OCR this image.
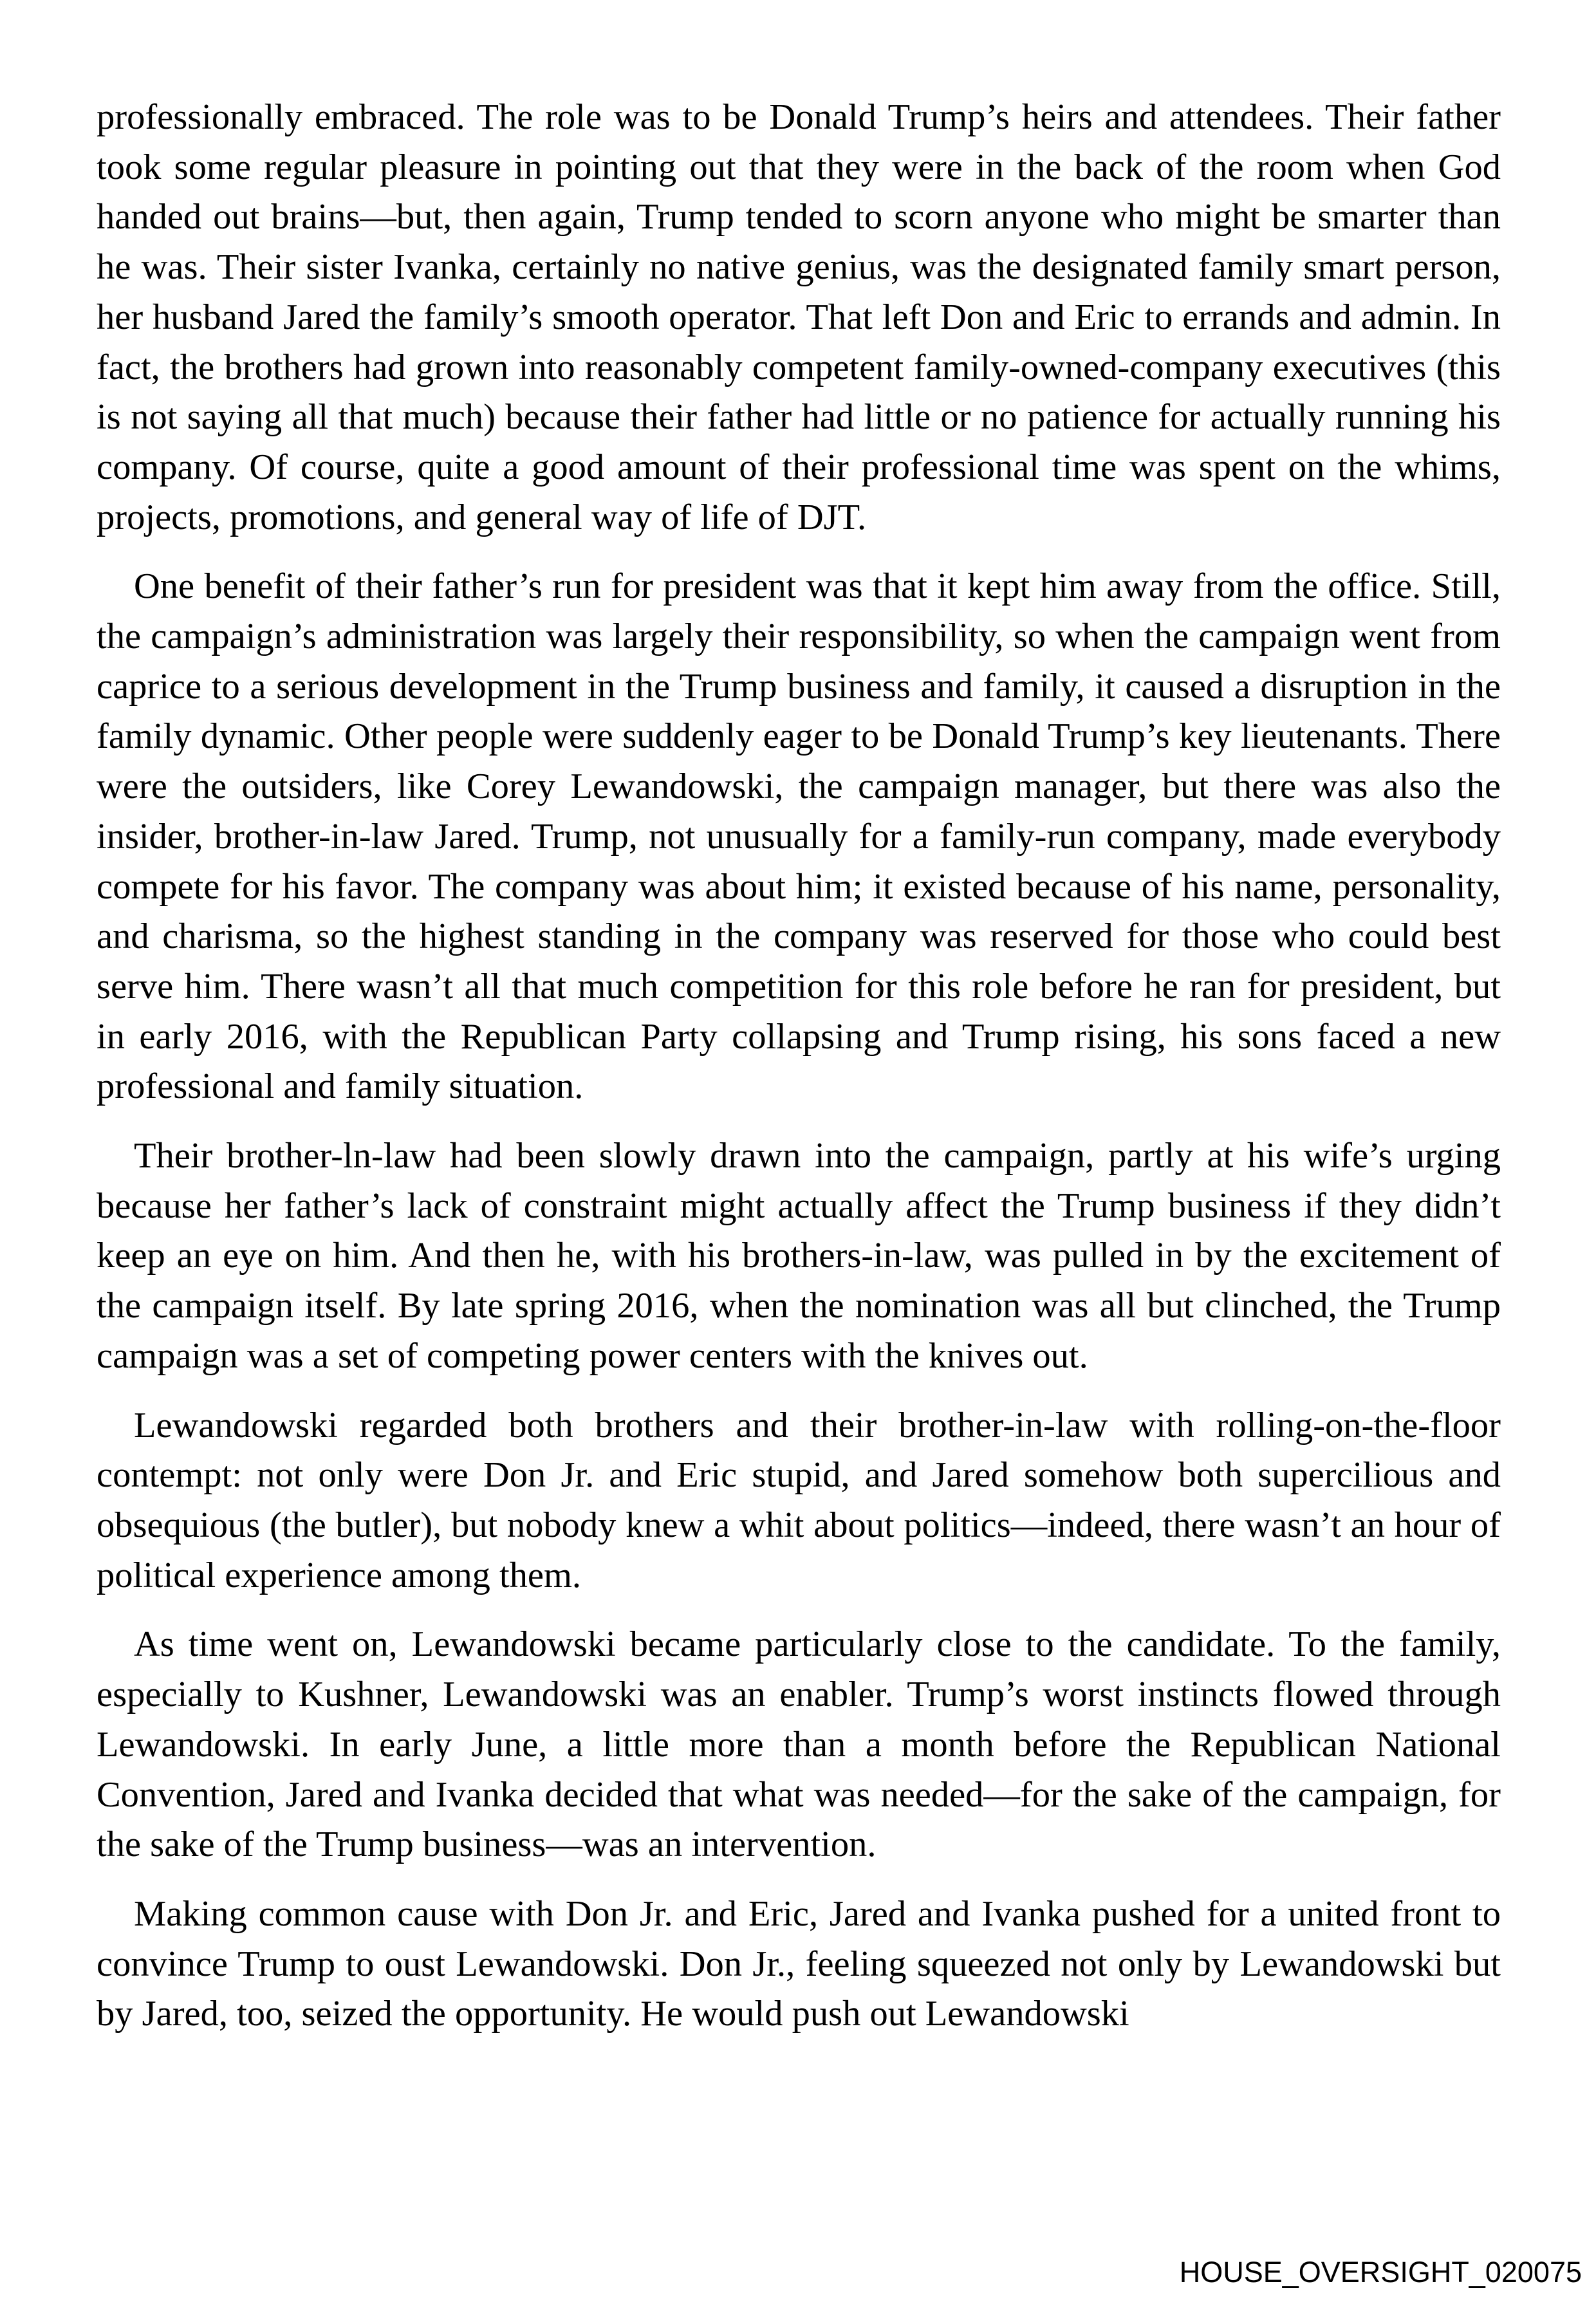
professionally embraced. The role was to be Donald Trump’s heirs and attendees. Their father took some regular pleasure in pointing out that they were in the back of the room when God handed out brains—but, then again, Trump tended to scorn anyone who might be smarter than he was. Their sister Ivanka, certainly no native genius, was the designated family smart person, her husband Jared the family’s smooth operator. That left Don and Eric to errands and admin. In fact, the brothers had grown into reasonably competent family-owned-company executives (this is not saying all that much) because their father had little or no patience for actually running his company. Of course, quite a good amount of their professional time was spent on the whims, projects, promotions, and general way of life of DJT.

One benefit of their father’s run for president was that it kept him away from the office. Still, the campaign’s administration was largely their responsibility, so when the campaign went from caprice to a serious development in the Trump business and family, it caused a disruption in the family dynamic. Other people were suddenly eager to be Donald Trump’s key lieutenants. There were the outsiders, like Corey Lewandowski, the campaign manager, but there was also the insider, brother-in-law Jared. Trump, not unusually for a family-run company, made everybody compete for his favor. The company was about him; it existed because of his name, personality, and charisma, so the highest standing in the company was reserved for those who could best serve him. There wasn’t all that much competition for this role before he ran for president, but in early 2016, with the Republican Party collapsing and Trump rising, his sons faced a new professional and family situation.

Their brother-ln-law had been slowly drawn into the campaign, partly at his wife’s urging because her father’s lack of constraint might actually affect the Trump business if they didn’t keep an eye on him. And then he, with his brothers-in-law, was pulled in by the excitement of the campaign itself. By late spring 2016, when the nomination was all but clinched, the Trump campaign was a set of competing power centers with the knives out.

Lewandowski regarded both brothers and their brother-in-law with rolling-on-the-floor contempt: not only were Don Jr. and Eric stupid, and Jared somehow both supercilious and obsequious (the butler), but nobody knew a whit about politics—indeed, there wasn’t an hour of political experience among them.

As time went on, Lewandowski became particularly close to the candidate. To the family, especially to Kushner, Lewandowski was an enabler. Trump’s worst instincts flowed through Lewandowski. In early June, a little more than a month before the Republican National Convention, Jared and Ivanka decided that what was needed—for the sake of the campaign, for the sake of the Trump business—was an intervention.

Making common cause with Don Jr. and Eric, Jared and Ivanka pushed for a united front to convince Trump to oust Lewandowski. Don Jr., feeling squeezed not only by Lewandowski but by Jared, too, seized the opportunity. He would push out Lewandowski

HOUSE_OVERSIGHT_020075
